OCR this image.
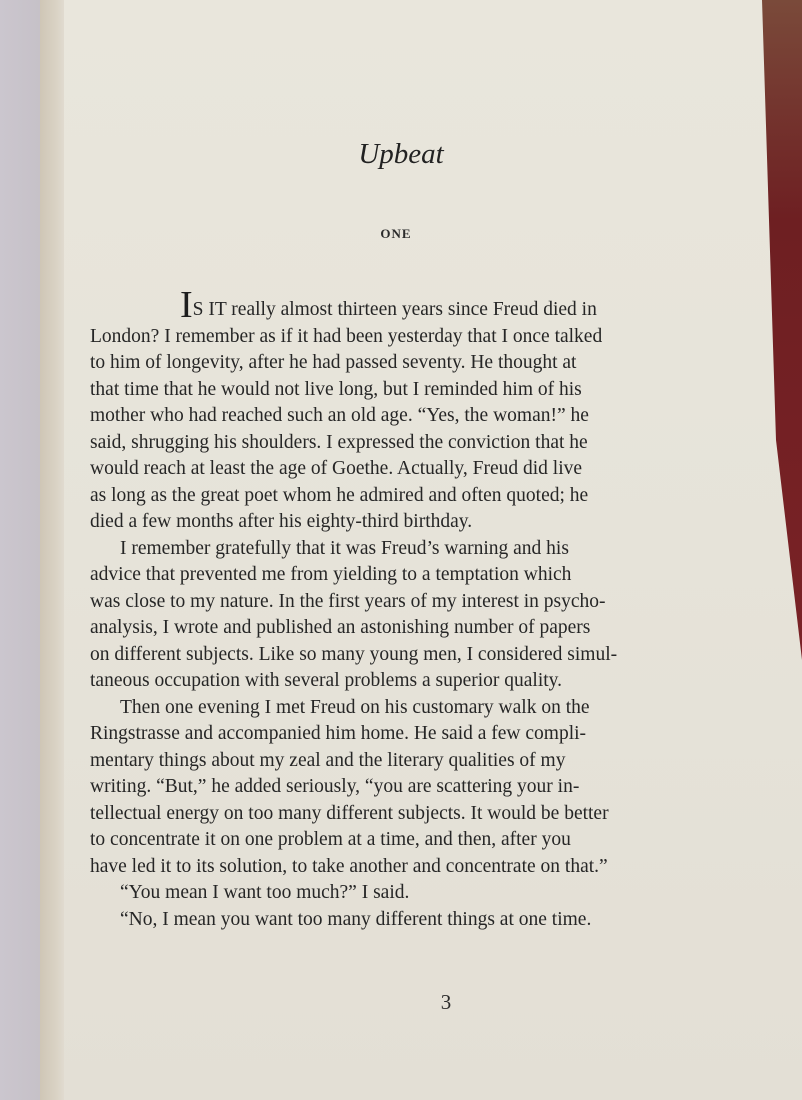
Upbeat
ONE
IS IT really almost thirteen years since Freud died in
London? I remember as if it had been yesterday that I once talked
to him of longevity, after he had passed seventy. He thought at
that time that he would not live long, but I reminded him of his
mother who had reached such an old age. “Yes, the woman!” he
said, shrugging his shoulders. I expressed the conviction that he
would reach at least the age of Goethe. Actually, Freud did live
as long as the great poet whom he admired and often quoted; he
died a few months after his eighty-third birthday.
I remember gratefully that it was Freud’s warning and his
advice that prevented me from yielding to a temptation which
was close to my nature. In the first years of my interest in psycho-
analysis, I wrote and published an astonishing number of papers
on different subjects. Like so many young men, I considered simul-
taneous occupation with several problems a superior quality.
Then one evening I met Freud on his customary walk on the
Ringstrasse and accompanied him home. He said a few compli-
mentary things about my zeal and the literary qualities of my
writing. “But,” he added seriously, “you are scattering your in-
tellectual energy on too many different subjects. It would be better
to concentrate it on one problem at a time, and then, after you
have led it to its solution, to take another and concentrate on that.”
“You mean I want too much?” I said.
“No, I mean you want too many different things at one time.
3
